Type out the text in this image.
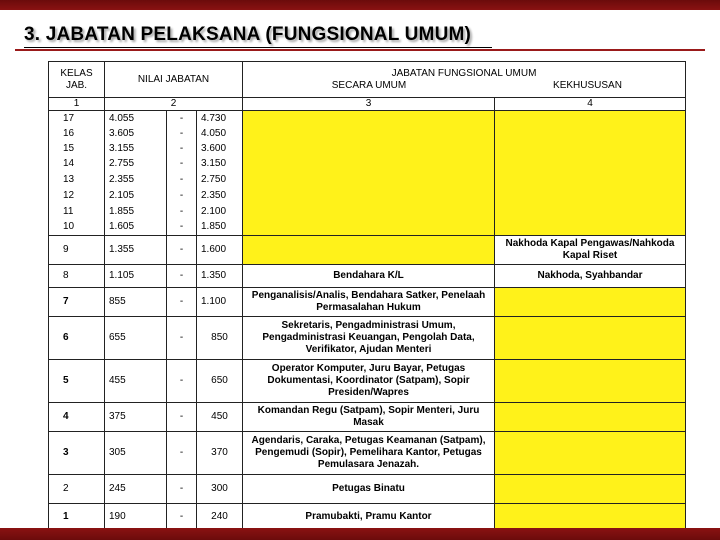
3. JABATAN PELAKSANA (FUNGSIONAL UMUM)
KELAS JAB.	NILAI JABATAN			JABATAN FUNGSIONAL UMUM
SECARA UMUM KEKHUSUSAN	

1	2			3	4
17	4.055	-	4.730		
16	3.605	-	4.050		
15	3.155	-	3.600		
14	2.755	-	3.150		
13	2.355	-	2.750		
12	2.105	-	2.350		
11	1.855	-	2.100		
10	1.605	-	1.850		
9	1.355	-	1.600		Nakhoda Kapal Pengawas/Nahkoda Kapal Riset
8	1.105	-	1.350	Bendahara K/L	Nakhoda, Syahbandar
7	855	-	1.100	Penganalisis/Analis, Bendahara Satker, Penelaah Permasalahan Hukum	
6	655	-	850	Sekretaris, Pengadministrasi Umum, Pengadministrasi Keuangan, Pengolah Data, Verifikator, Ajudan Menteri	
5	455	-	650	Operator Komputer, Juru Bayar, Petugas Dokumentasi, Koordinator (Satpam), Sopir Presiden/Wapres	
4	375	-	450	Komandan Regu (Satpam), Sopir Menteri, Juru Masak	
3	305	-	370	Agendaris, Caraka, Petugas Keamanan (Satpam), Pengemudi (Sopir), Pemelihara Kantor, Petugas Pemulasara Jenazah.	
2	245	-	300	Petugas Binatu	
1	190	-	240	Pramubakti, Pramu Kantor	
